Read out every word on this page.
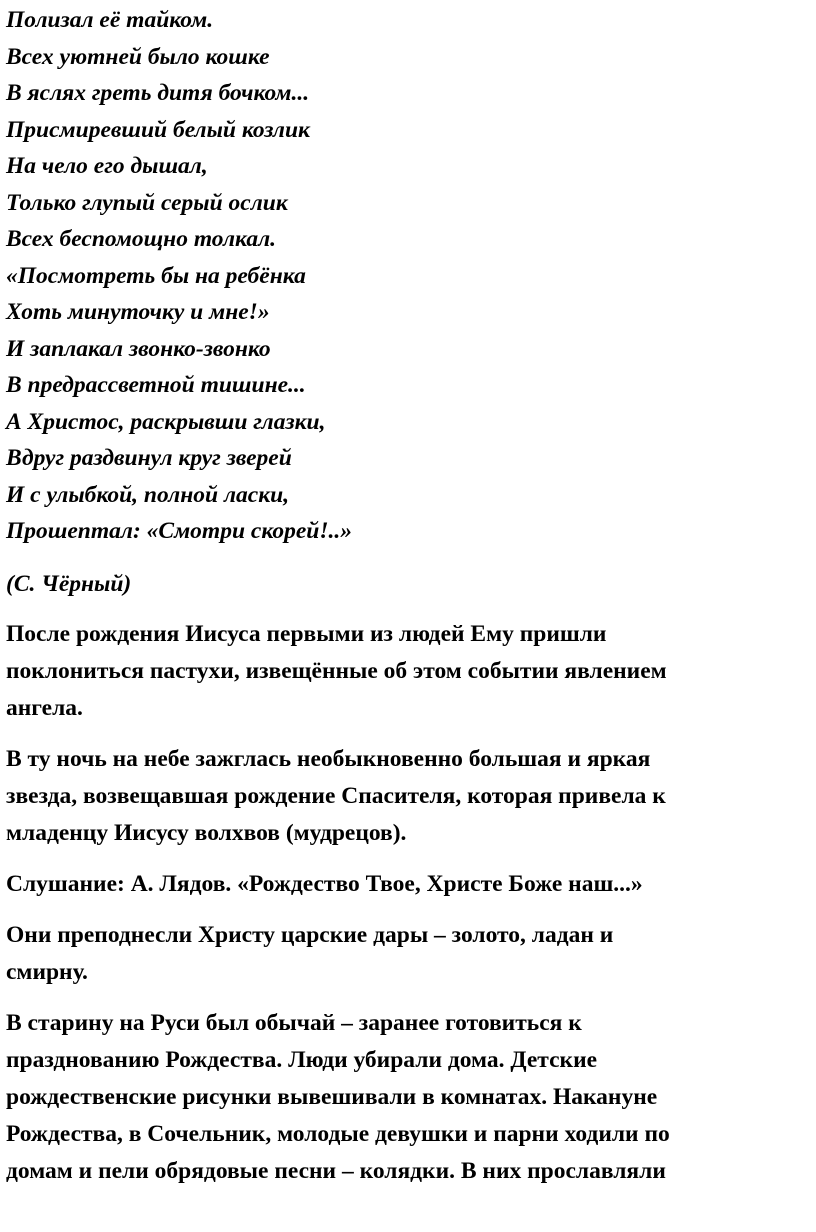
Полизал её тайком.
Всех уютней было кошке
В яслях греть дитя бочком...
Присмиревший белый козлик
На чело его дышал,
Только глупый серый ослик
Всех беспомощно толкал.
«Посмотреть бы на ребёнка
Хоть минуточку и мне!»
И заплакал звонко-звонко
В предрассветной тишине...
А Христос, раскрывши глазки,
Вдруг раздвинул круг зверей
И с улыбкой, полной ласки,
Прошептал: «Смотри скорей!..»
(С. Чёрный)

После рождения Иисуса первыми из людей Ему пришли
поклониться пастухи, извещённые об этом событии явлением
ангела.

В ту ночь на небе зажглась необыкновенно большая и яркая
звезда, возвещавшая рождение Спасителя, которая привела к
младенцу Иисусу волхвов (мудрецов).

Слушание: А. Лядов. «Рождество Твое, Христе Боже наш...»

Они преподнесли Христу царские дары – золото, ладан и
смирну.

В старину на Руси был обычай – заранее готовиться к
празднованию Рождества. Люди убирали дома. Детские
рождественские рисунки вывешивали в комнатах. Накануне
Рождества, в Сочельник, молодые девушки и парни ходили по
домам и пели обрядовые песни – колядки. В них прославляли
